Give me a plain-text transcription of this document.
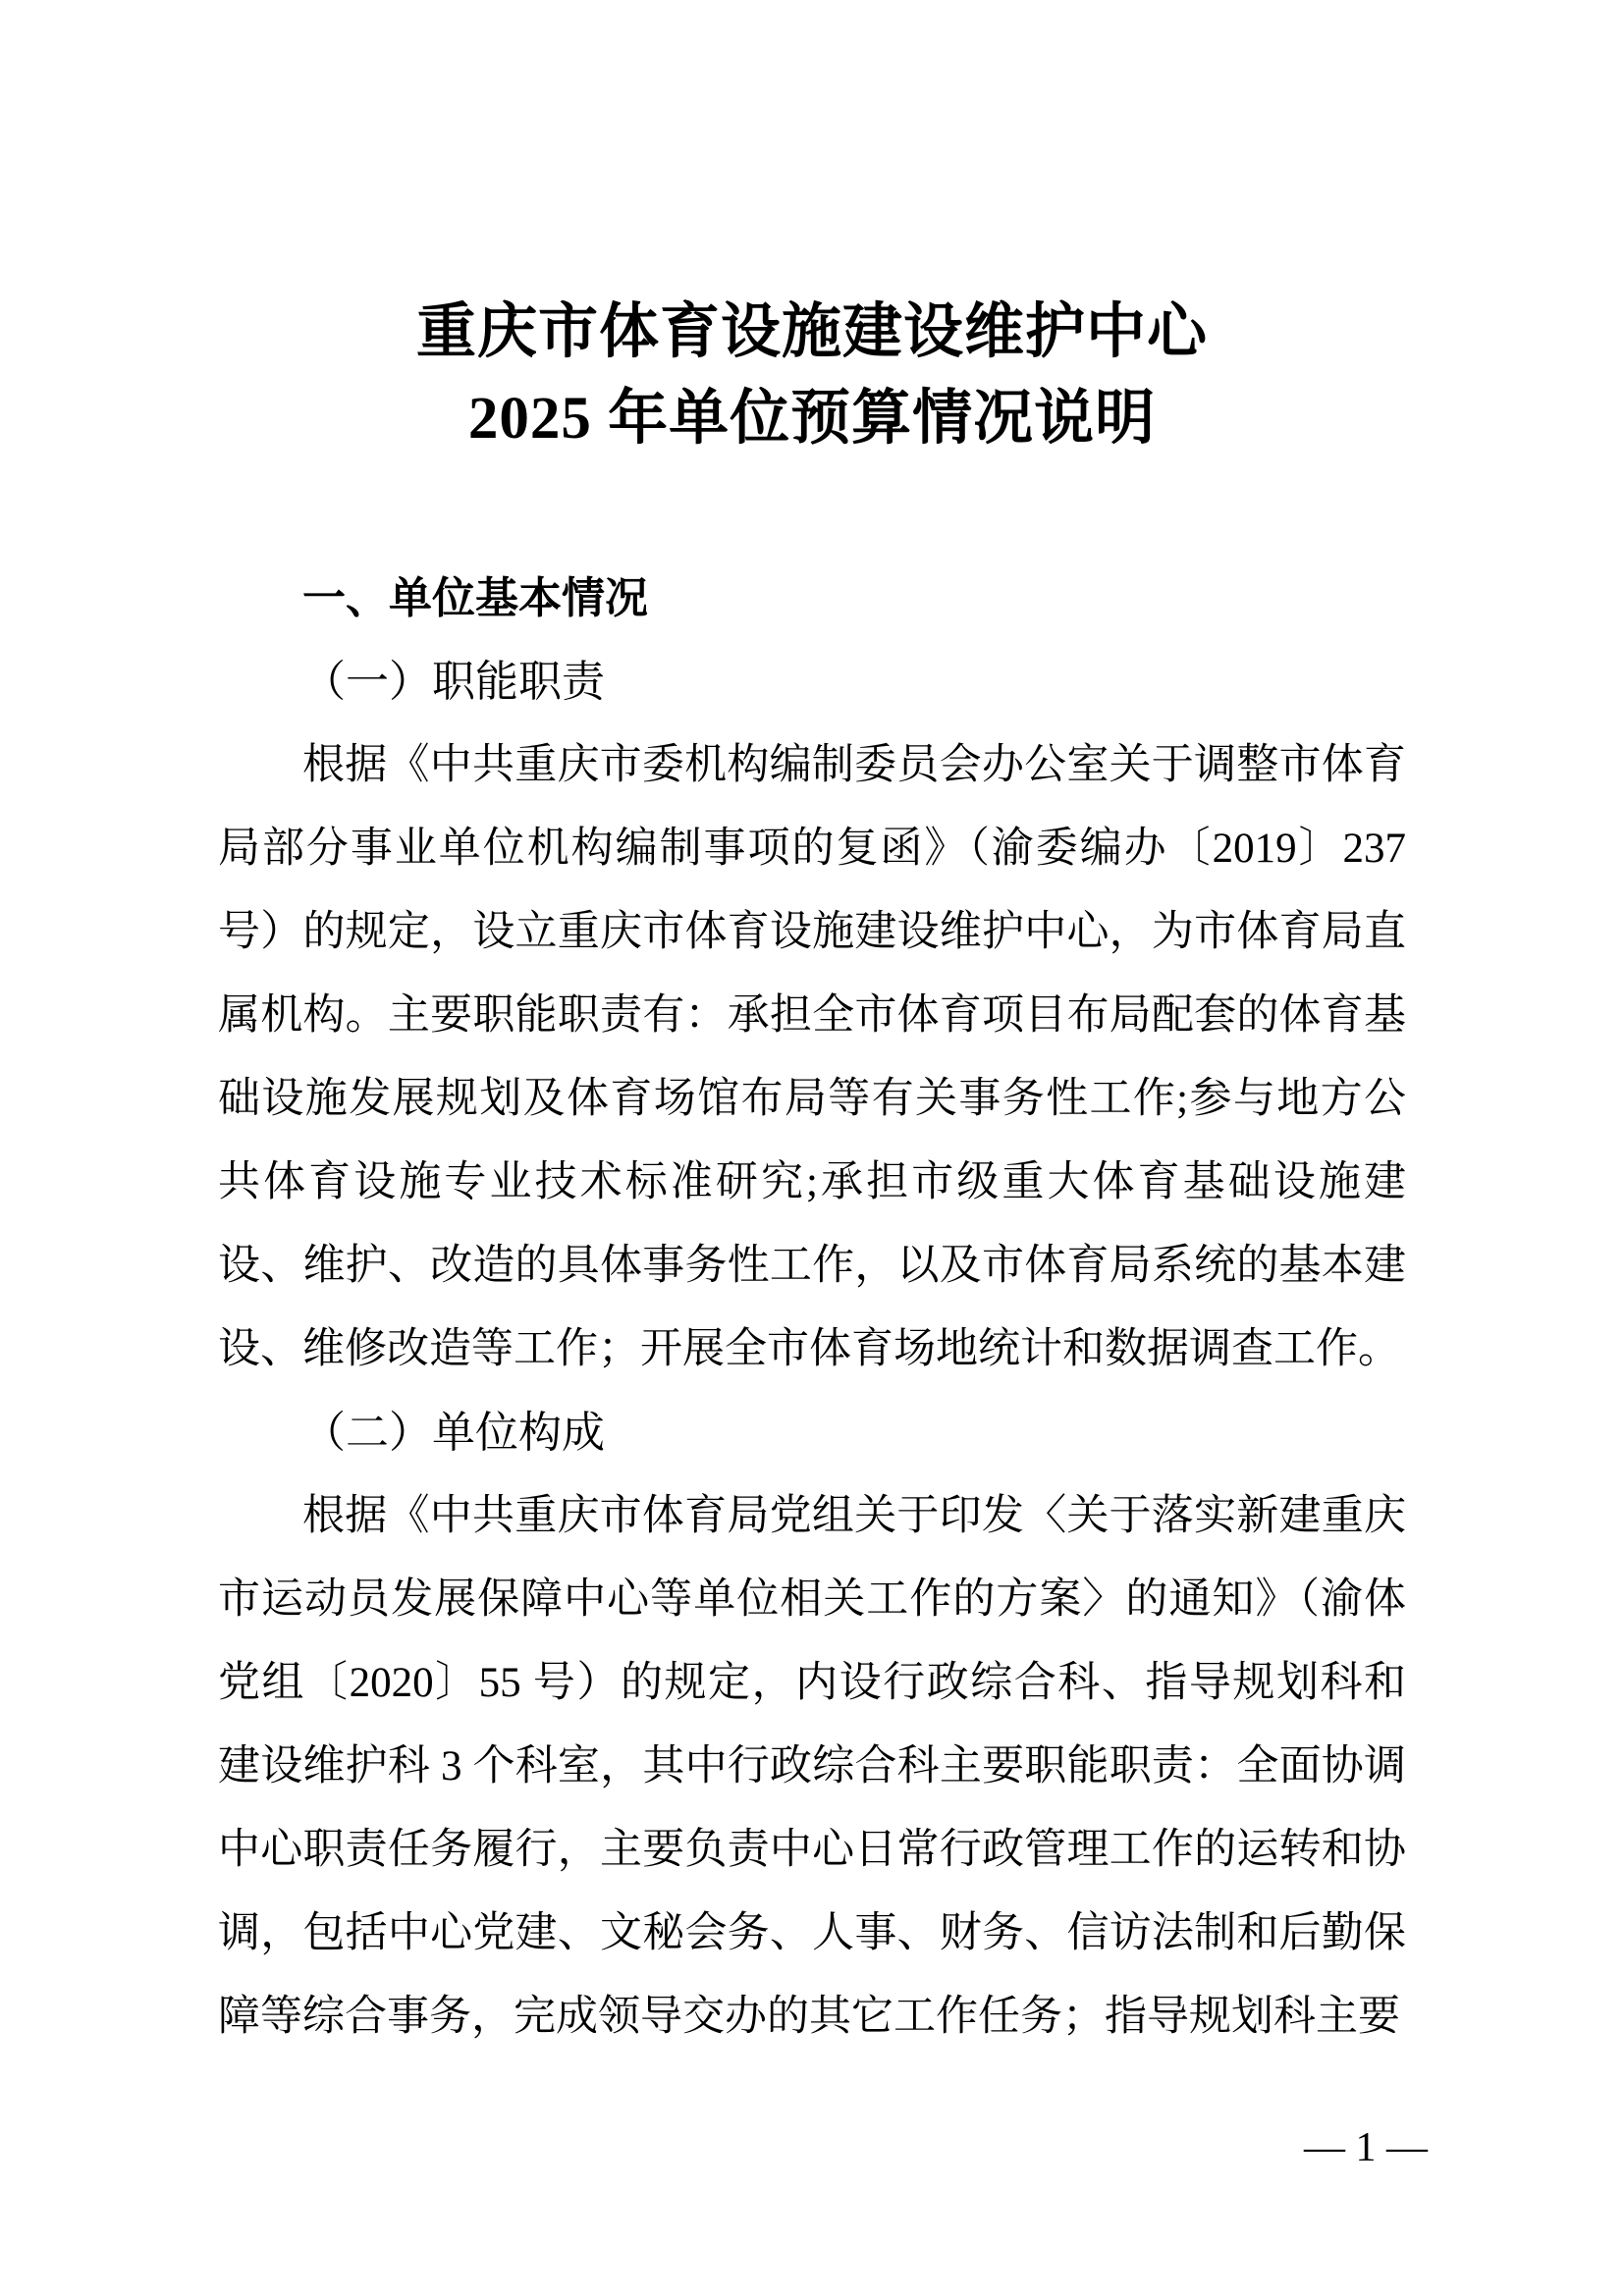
重庆市体育设施建设维护中心
2025 年单位预算情况说明
一、单位基本情况
（一）职能职责

根据《中共重庆市委机构编制委员会办公室关于调整市体育局部分事业单位机构编制事项的复函》（渝委编办〔2019〕237 号）的规定，设立重庆市体育设施建设维护中心，为市体育局直属机构。主要职能职责有：承担全市体育项目布局配套的体育基础设施发展规划及体育场馆布局等有关事务性工作;参与地方公共体育设施专业技术标准研究;承担市级重大体育基础设施建设、维护、改造的具体事务性工作，以及市体育局系统的基本建设、维修改造等工作；开展全市体育场地统计和数据调查工作。

（二）单位构成

根据《中共重庆市体育局党组关于印发〈关于落实新建重庆市运动员发展保障中心等单位相关工作的方案〉的通知》（渝体党组〔2020〕55 号）的规定，内设行政综合科、指导规划科和建设维护科 3 个科室，其中行政综合科主要职能职责：全面协调中心职责任务履行，主要负责中心日常行政管理工作的运转和协调，包括中心党建、文秘会务、人事、财务、信访法制和后勤保障等综合事务，完成领导交办的其它工作任务；指导规划科主要

— 1 —
